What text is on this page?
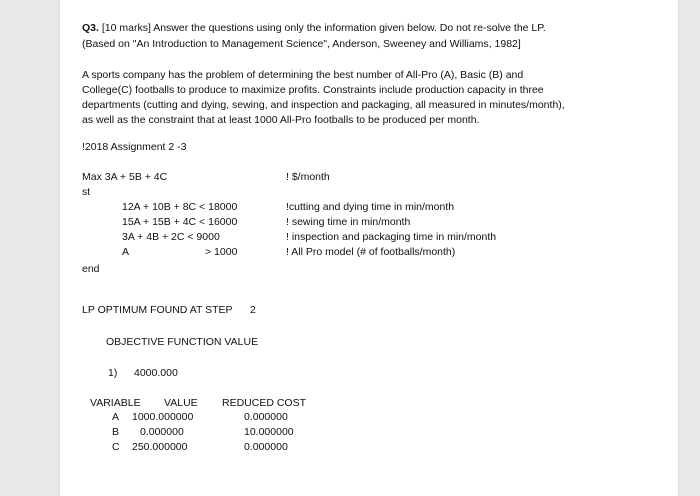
Q3. [10 marks] Answer the questions using only the information given below. Do not re-solve the LP.
(Based on "An Introduction to Management Science", Anderson, Sweeney and Williams, 1982]
A sports company has the problem of determining the best number of All-Pro (A), Basic (B) and
College(C) footballs to produce to maximize profits. Constraints include production capacity in three
departments (cutting and dying, sewing, and inspection and packaging, all measured in minutes/month),
as well as the constraint that at least 1000 All-Pro footballs to be produced per month.
!2018 Assignment 2 -3
Max 3A + 5B + 4C	! $/month
st
12A + 10B + 8C < 18000	!cutting and dying time in min/month
15A + 15B + 4C < 16000	! sewing time in min/month
3A + 4B + 2C < 9000	! inspection and packaging time in min/month
A	> 1000	! All Pro model (# of footballs/month)
end
LP OPTIMUM FOUND AT STEP 2
OBJECTIVE FUNCTION VALUE
1) 4000.000
VARIABLE VALUE REDUCED COST
A 1000.000000	0.000000
B 0.000000	10.000000
C 250.000000	0.000000
